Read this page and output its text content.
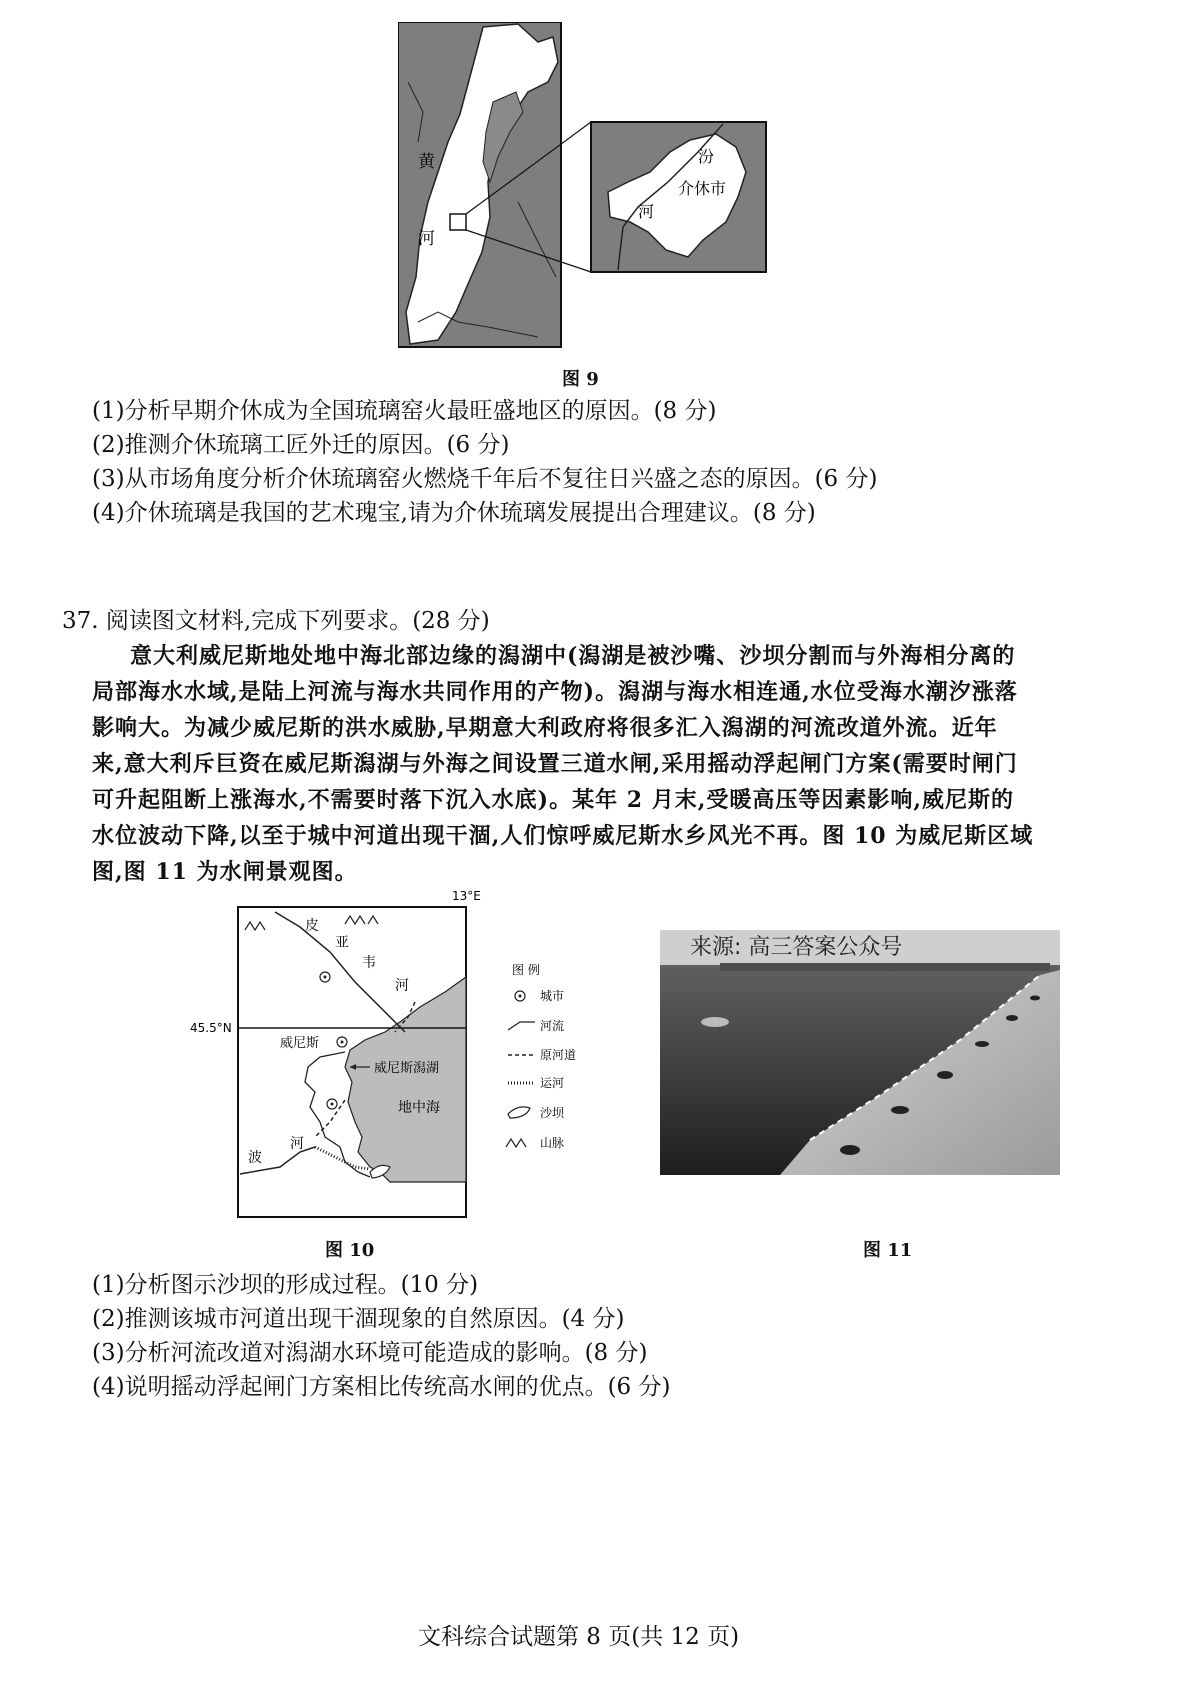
黄
河
汾
河
介休市
图 9
(1)分析早期介休成为全国琉璃窑火最旺盛地区的原因。(8 分)
(2)推测介休琉璃工匠外迁的原因。(6 分)
(3)从市场角度分析介休琉璃窑火燃烧千年后不复往日兴盛之态的原因。(6 分)
(4)介休琉璃是我国的艺术瑰宝,请为介休琉璃发展提出合理建议。(8 分)
37. 阅读图文材料,完成下列要求。(28 分)
意大利威尼斯地处地中海北部边缘的潟湖中(潟湖是被沙嘴、沙坝分割而与外海相分离的
局部海水水域,是陆上河流与海水共同作用的产物)。潟湖与海水相连通,水位受海水潮汐涨落
影响大。为减少威尼斯的洪水威胁,早期意大利政府将很多汇入潟湖的河流改道外流。近年
来,意大利斥巨资在威尼斯潟湖与外海之间设置三道水闸,采用摇动浮起闸门方案(需要时闸门
可升起阻断上涨海水,不需要时落下沉入水底)。某年 2 月末,受暖高压等因素影响,威尼斯的
水位波动下降,以至于城中河道出现干涸,人们惊呼威尼斯水乡风光不再。图 10 为威尼斯区域
图,图 11 为水闸景观图。
13°E
45.5°N
皮
亚
韦
河
威尼斯
威尼斯潟湖
地中海
波
河
图 例
城市
河流
原河道
运河
沙坝
山脉
图 10
来源: 高三答案公众号
图 11
(1)分析图示沙坝的形成过程。(10 分)
(2)推测该城市河道出现干涸现象的自然原因。(4 分)
(3)分析河流改道对潟湖水环境可能造成的影响。(8 分)
(4)说明摇动浮起闸门方案相比传统高水闸的优点。(6 分)
文科综合试题第 8 页(共 12 页)
